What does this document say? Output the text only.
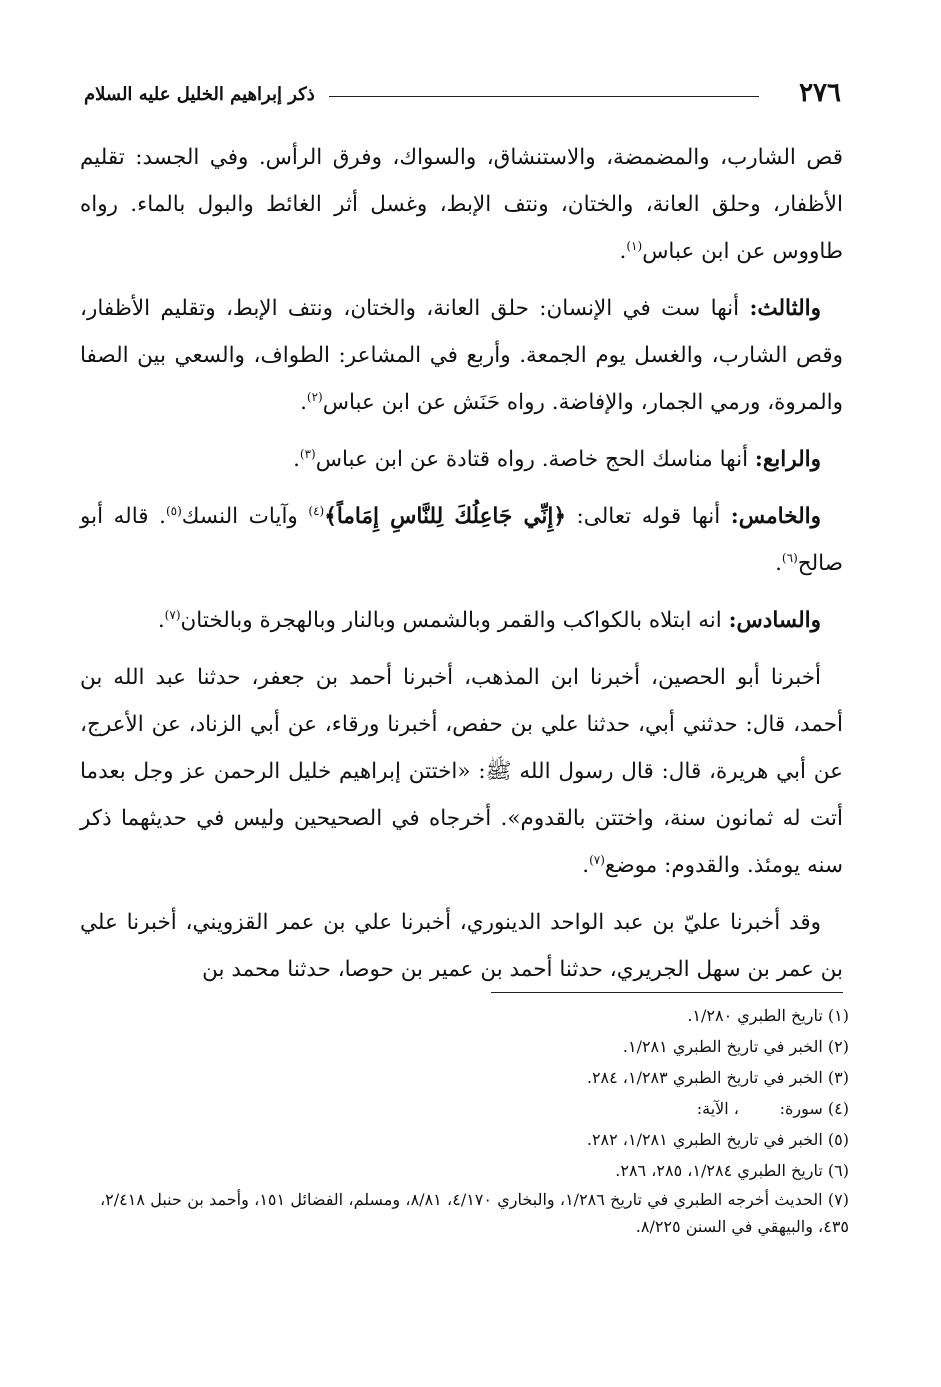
٢٧٦
ذكر إبراهيم الخليل عليه السلام

قص الشارب، والمضمضة، والاستنشاق، والسواك، وفرق الرأس. وفي الجسد: تقليم الأظفار، وحلق العانة، والختان، ونتف الإبط، وغسل أثر الغائط والبول بالماء. رواه طاووس عن ابن عباس$^{(١)}$.

والثالث: أنها ست في الإنسان: حلق العانة، والختان، ونتف الإبط، وتقليم الأظفار، وقص الشارب، والغسل يوم الجمعة. وأربع في المشاعر: الطواف، والسعي بين الصفا والمروة، ورمي الجمار، والإفاضة. رواه حَنَش عن ابن عباس$^{(٢)}$.

والرابع: أنها مناسك الحج خاصة. رواه قتادة عن ابن عباس$^{(٣)}$.

والخامس: أنها قوله تعالى: ﴿إِنِّي جَاعِلُكَ لِلنَّاسِ إِمَاماً﴾$^{(٤)}$ وآيات النسك$^{(٥)}$. قاله أبو صالح$^{(٦)}$.

والسادس: انه ابتلاه بالكواكب والقمر وبالشمس وبالنار وبالهجرة وبالختان$^{(٧)}$.

أخبرنا أبو الحصين، أخبرنا ابن المذهب، أخبرنا أحمد بن جعفر، حدثنا عبد الله بن أحمد، قال: حدثني أبي، حدثنا علي بن حفص، أخبرنا ورقاء، عن أبي الزناد، عن الأعرج، عن أبي هريرة، قال: قال رسول الله ﷺ: «اختتن إبراهيم خليل الرحمن عز وجل بعدما أتت له ثمانون سنة، واختتن بالقدوم». أخرجاه في الصحيحين وليس في حديثهما ذكر سنه يومئذ. والقدوم: موضع$^{(٧)}$.

وقد أخبرنا عليّ بن عبد الواحد الدينوري، أخبرنا علي بن عمر القزويني، أخبرنا علي بن عمر بن سهل الجريري، حدثنا أحمد بن عمير بن حوصا، حدثنا محمد بن

(١) تاريخ الطبري ١/٢٨٠.
(٢) الخبر في تاريخ الطبري ١/٢٨١.
(٣) الخبر في تاريخ الطبري ١/٢٨٣، ٢٨٤.
(٤) سورة:        ، الآية:
(٥) الخبر في تاريخ الطبري ١/٢٨١، ٢٨٢.
(٦) تاريخ الطبري ١/٢٨٤، ٢٨٥، ٢٨٦.
(٧) الحديث أخرجه الطبري في تاريخ ١/٢٨٦، والبخاري ٤/١٧٠، ٨/٨١، ومسلم، الفضائل ١٥١، وأحمد بن حنبل ٢/٤١٨، ٤٣٥، والبيهقي في السنن ٨/٢٢٥.
